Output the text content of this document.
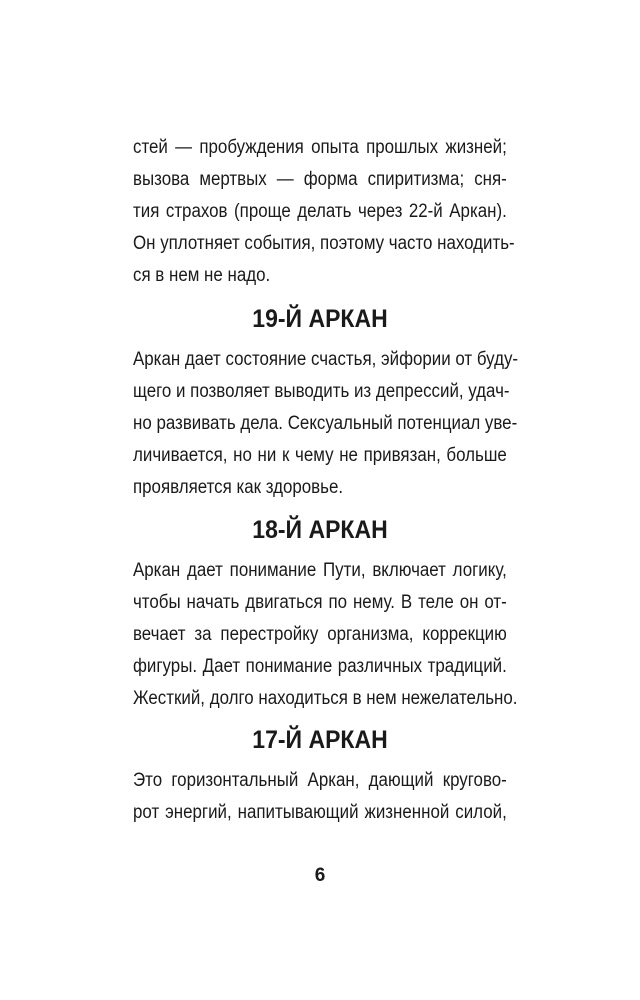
стей — пробуждения опыта прошлых жизней;
вызова мертвых — форма спиритизма; сня-
тия страхов (проще делать через 22-й Аркан).
Он уплотняет события, поэтому часто находить-
ся в нем не надо.
19-Й АРКАН
Аркан дает состояние счастья, эйфории от буду-
щего и позволяет выводить из депрессий, удач-
но развивать дела. Сексуальный потенциал уве-
личивается, но ни к чему не привязан, больше
проявляется как здоровье.
18-Й АРКАН
Аркан дает понимание Пути, включает логику,
чтобы начать двигаться по нему. В теле он от-
вечает за перестройку организма, коррекцию
фигуры. Дает понимание различных традиций.
Жесткий, долго находиться в нем нежелательно.
17-Й АРКАН
Это горизонтальный Аркан, дающий кругово-
рот энергий, напитывающий жизненной силой,
6
